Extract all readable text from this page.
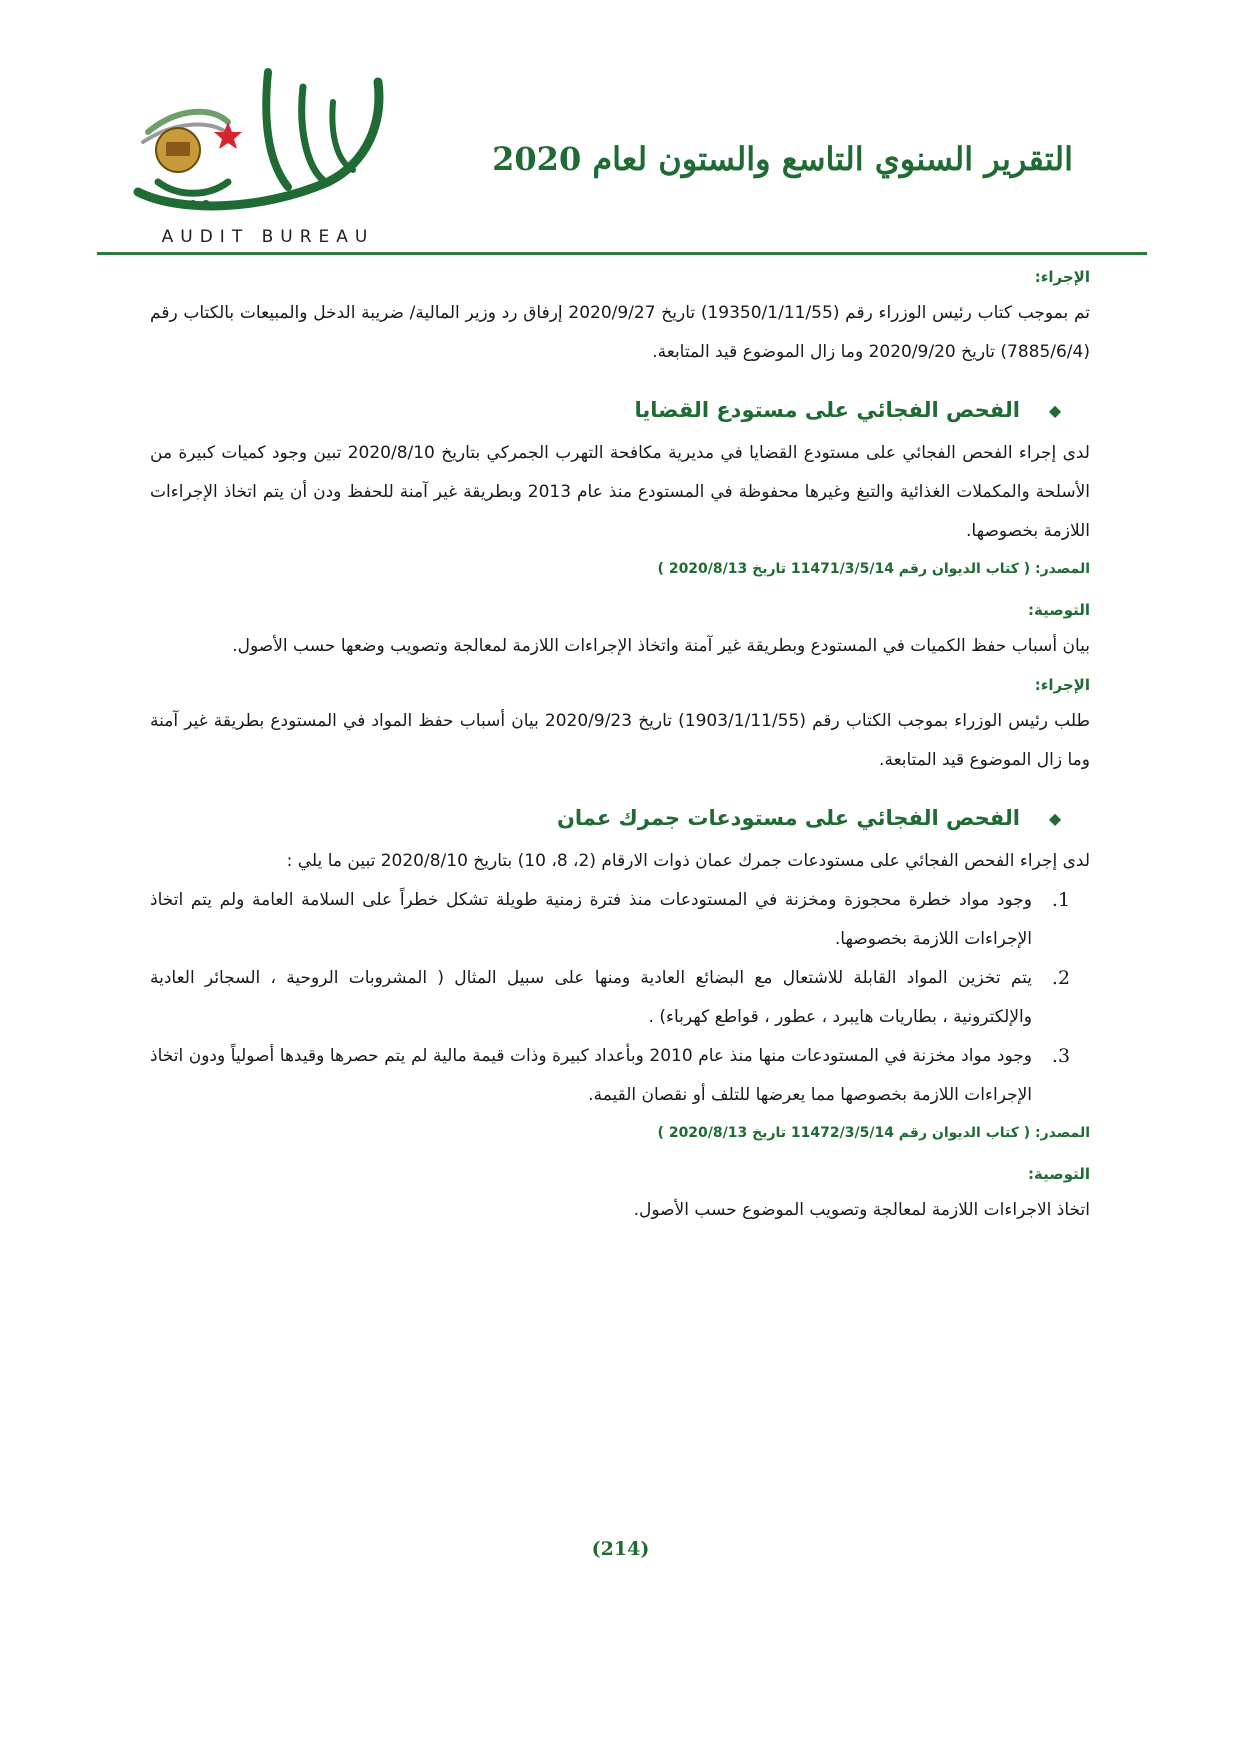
AUDIT BUREAU
التقرير السنوي التاسع والستون لعام 2020
الإجراء:

تم بموجب كتاب رئيس الوزراء رقم (19350/1/11/55) تاريخ 2020/9/27 إرفاق رد وزير المالية/ ضريبة الدخل والمبيعات بالكتاب رقم (7885/6/4) تاريخ 2020/9/20 وما زال الموضوع قيد المتابعة.

◆
الفحص الفجائي على مستودع القضايا

لدى إجراء الفحص الفجائي على مستودع القضايا في مديرية مكافحة التهرب الجمركي بتاريخ 2020/8/10 تبين وجود كميات كبيرة من الأسلحة والمكملات الغذائية والتبغ وغيرها محفوظة في المستودع منذ عام 2013 وبطريقة غير آمنة للحفظ ودن أن يتم اتخاذ الإجراءات اللازمة بخصوصها.

المصدر: ( كتاب الديوان رقم 11471/3/5/14 تاريخ 2020/8/13 )
التوصية:

بيان أسباب حفظ الكميات في المستودع وبطريقة غير آمنة واتخاذ الإجراءات اللازمة لمعالجة وتصويب وضعها حسب الأصول.

الإجراء:

طلب رئيس الوزراء بموجب الكتاب رقم (1903/1/11/55) تاريخ 2020/9/23 بيان أسباب حفظ المواد في المستودع بطريقة غير آمنة وما زال الموضوع قيد المتابعة.

◆
الفحص الفجائي على مستودعات جمرك عمان

لدى إجراء الفحص الفجائي على مستودعات جمرك عمان ذوات الارقام (2، 8، 10) بتاريخ 2020/8/10 تبين ما يلي :

1.
وجود مواد خطرة محجوزة ومخزنة في المستودعات منذ فترة زمنية طويلة تشكل خطراً على السلامة العامة ولم يتم اتخاذ الإجراءات اللازمة بخصوصها.
2.
يتم تخزين المواد القابلة للاشتعال مع البضائع العادية ومنها على سبيل المثال ( المشروبات الروحية ، السجائر العادية والإلكترونية ، بطاريات هايبرد ، عطور ، قواطع كهرباء) .
3.
وجود مواد مخزنة في المستودعات منها منذ عام 2010 وبأعداد كبيرة وذات قيمة مالية لم يتم حصرها وقيدها أصولياً ودون اتخاذ الإجراءات اللازمة بخصوصها مما يعرضها للتلف أو نقصان القيمة.
المصدر: ( كتاب الديوان رقم 11472/3/5/14 تاريخ 2020/8/13 )
التوصية:

اتخاذ الاجراءات اللازمة لمعالجة وتصويب الموضوع حسب الأصول.

(214)
